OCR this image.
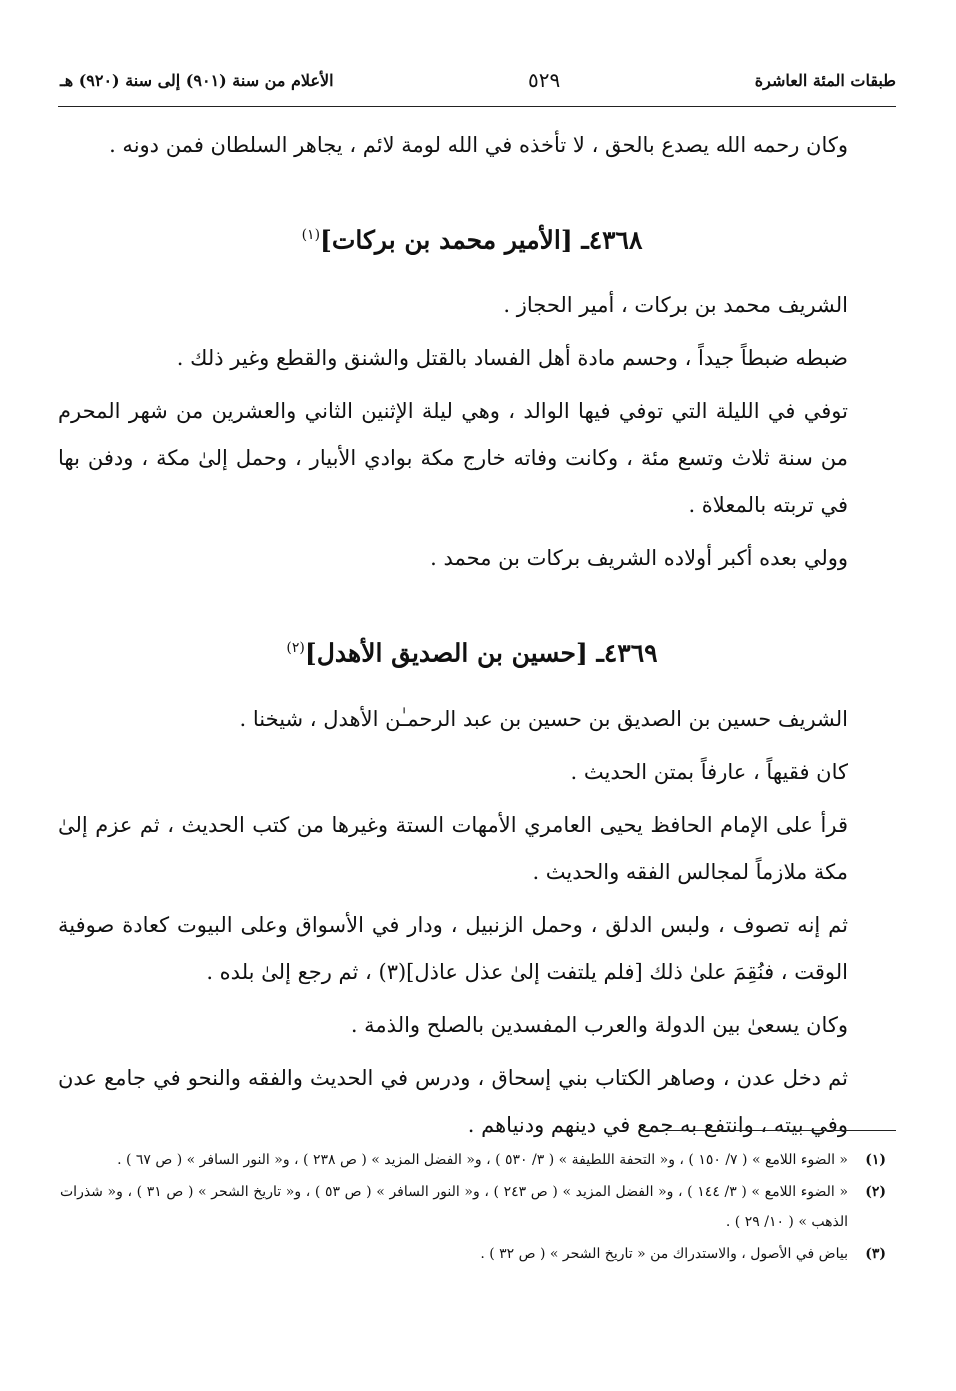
طبقات المئة العاشرة
٥٢٩
الأعلام من سنة (٩٠١) إلى سنة (٩٢٠) هـ

وكان رحمه الله يصدع بالحق ، لا تأخذه في الله لومة لائم ، يجاهر السلطان فمن دونه .

٤٣٦٨ـ [الأمير محمد بن بركات]$^{(١)}$

الشريف محمد بن بركات ، أمير الحجاز .

ضبطه ضبطاً جيداً ، وحسم مادة أهل الفساد بالقتل والشنق والقطع وغير ذلك .

توفي في الليلة التي توفي فيها الوالد ، وهي ليلة الإثنين الثاني والعشرين من شهر المحرم من سنة ثلاث وتسع مئة ، وكانت وفاته خارج مكة بوادي الأبيار ، وحمل إلىٰ مكة ، ودفن بها في تربته بالمعلاة .

وولي بعده أكبر أولاده الشريف بركات بن محمد .

٤٣٦٩ـ [حسين بن الصديق الأهدل]$^{(٢)}$

الشريف حسين بن الصديق بن حسين بن عبد الرحمـٰن الأهدل ، شيخنا .

كان فقيهاً ، عارفاً بمتن الحديث .

قرأ على الإمام الحافظ يحيى العامري الأمهات الستة وغيرها من كتب الحديث ، ثم عزم إلىٰ مكة ملازماً لمجالس الفقه والحديث .

ثم إنه تصوف ، ولبس الدلق ، وحمل الزنبيل ، ودار في الأسواق وعلى البيوت كعادة صوفية الوقت ، فنُقِمَ علىٰ ذلك [فلم يلتفت إلىٰ عذل عاذل](٣) ، ثم رجع إلىٰ بلده .

وكان يسعىٰ بين الدولة والعرب المفسدين بالصلح والذمة .

ثم دخل عدن ، وصاهر الكتاب بني إسحاق ، ودرس في الحديث والفقه والنحو في جامع عدن وفي بيته ، وانتفع به جمع في دينهم ودنياهم .

(١)
« الضوء اللامع » ( ٧/ ١٥٠ ) ، و« التحفة اللطيفة » ( ٣/ ٥٣٠ ) ، و« الفضل المزيد » ( ص ٢٣٨ ) ، و« النور السافر » ( ص ٦٧ ) .
(٢)
« الضوء اللامع » ( ٣/ ١٤٤ ) ، و« الفضل المزيد » ( ص ٢٤٣ ) ، و« النور السافر » ( ص ٥٣ ) ، و« تاريخ الشحر » ( ص ٣١ ) ، و« شذرات الذهب » ( ١٠/ ٢٩ ) .
(٣)
بياض في الأصول ، والاستدراك من « تاريخ الشحر » ( ص ٣٢ ) .
